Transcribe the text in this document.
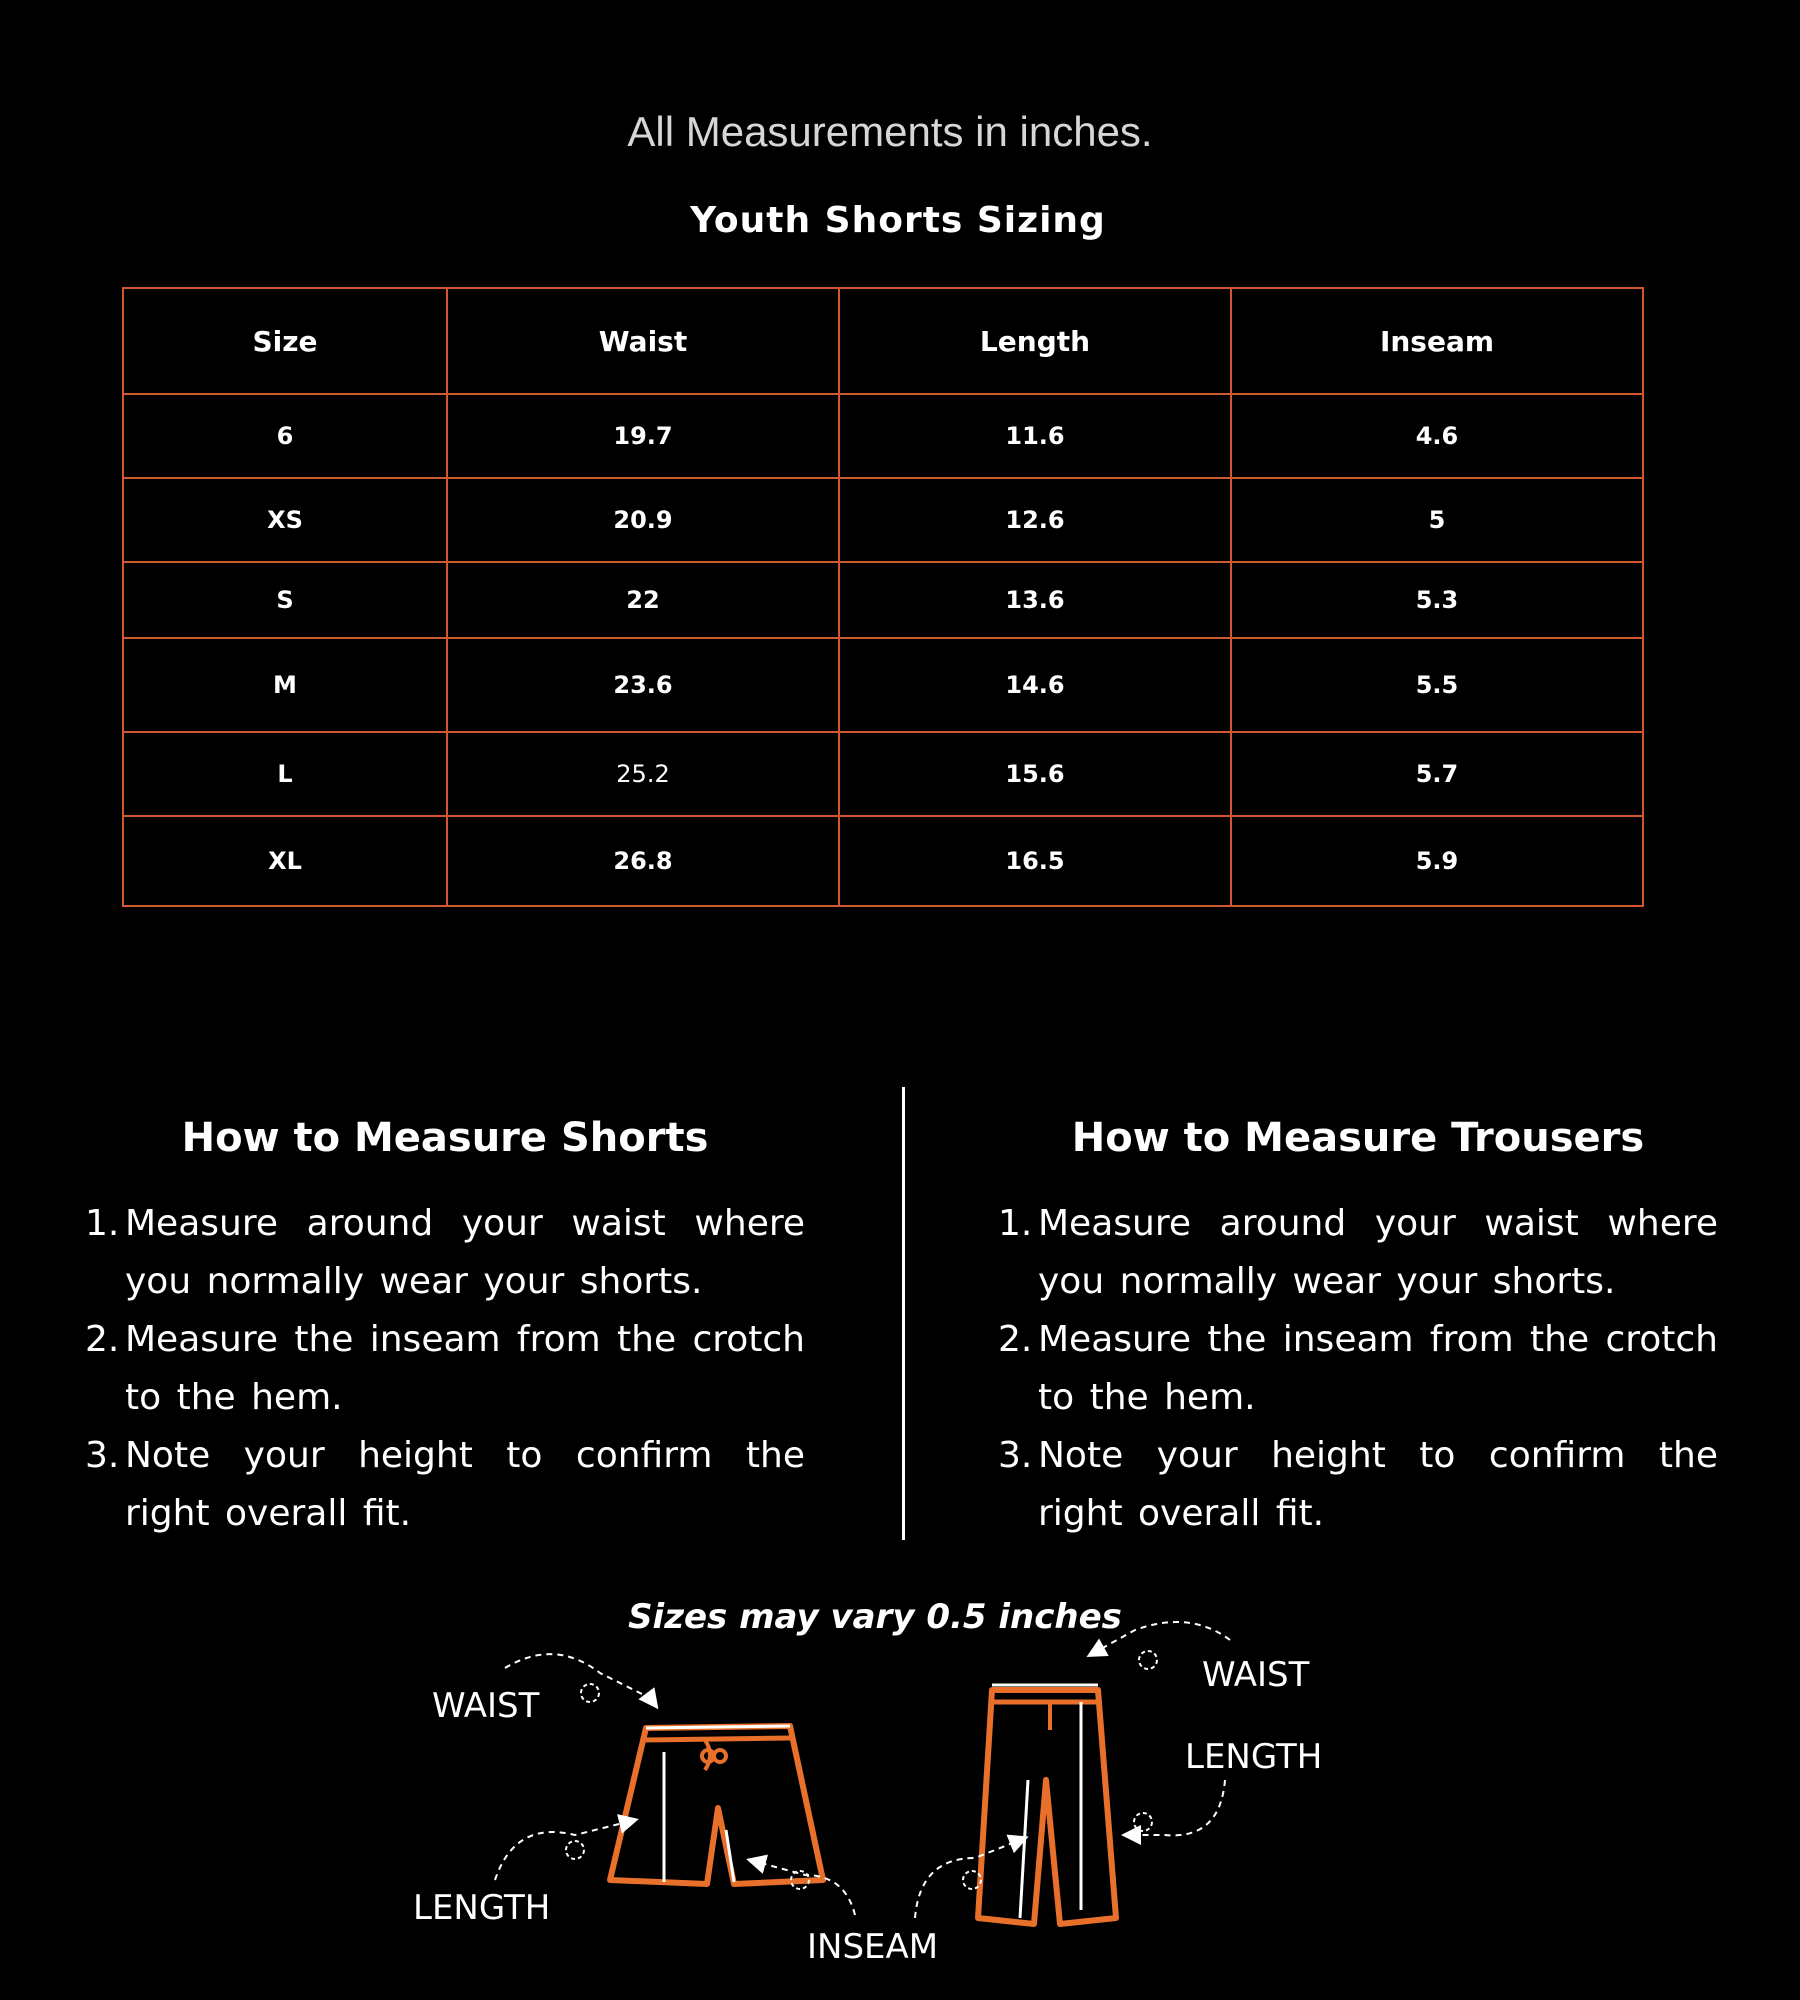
All Measurements in inches.
Youth Shorts Sizing
Size	Waist	Length	Inseam
6	19.7	11.6	4.6
XS	20.9	12.6	5
S	22	13.6	5.3
M	23.6	14.6	5.5
L	25.2	15.6	5.7
XL	26.8	16.5	5.9
How to Measure Shorts
1. Measure around your waist where you normally wear your shorts.
2. Measure the inseam from the crotch to the hem.
3. Note your height to confirm the right overall fit.
How to Measure Trousers
1. Measure around your waist where you normally wear your shorts.
2. Measure the inseam from the crotch to the hem.
3. Note your height to confirm the right overall fit.
Sizes may vary 0.5 inches
WAIST
LENGTH
INSEAM
WAIST
LENGTH
